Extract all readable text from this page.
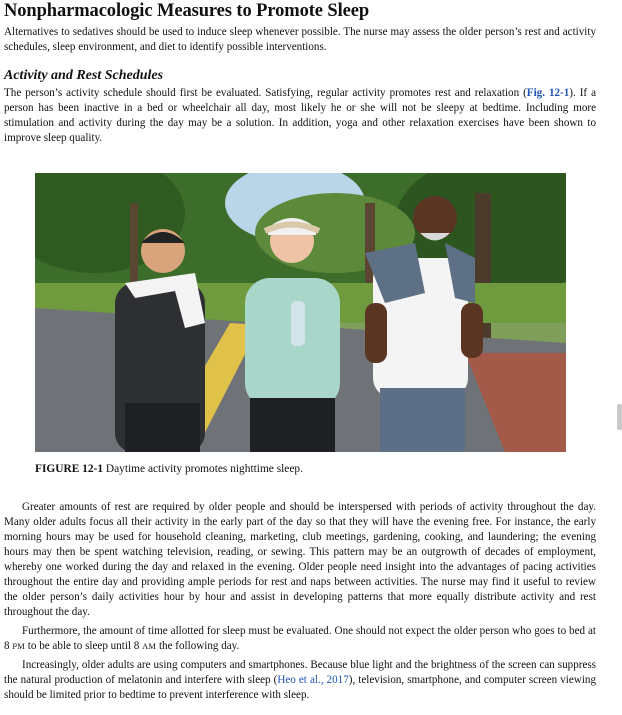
Nonpharmacologic Measures to Promote Sleep

Alternatives to sedatives should be used to induce sleep whenever possible. The nurse may assess the older person’s rest and activity schedules, sleep environment, and diet to identify possible interventions.

Activity and Rest Schedules

The person’s activity schedule should first be evaluated. Satisfying, regular activity promotes rest and relaxation (Fig. 12-1). If a person has been inactive in a bed or wheelchair all day, most likely he or she will not be sleepy at bedtime. Including more stimulation and activity during the day may be a solution. In addition, yoga and other relaxation exercises have been shown to improve sleep quality.

FIGURE 12-1 Daytime activity promotes nighttime sleep.

Greater amounts of rest are required by older people and should be interspersed with periods of activity throughout the day. Many older adults focus all their activity in the early part of the day so that they will have the evening free. For instance, the early morning hours may be used for household cleaning, marketing, club meetings, gardening, cooking, and laundering; the evening hours may then be spent watching television, reading, or sewing. This pattern may be an outgrowth of decades of employment, whereby one worked during the day and relaxed in the evening. Older people need insight into the advantages of pacing activities throughout the entire day and providing ample periods for rest and naps between activities. The nurse may find it useful to review the older person’s daily activities hour by hour and assist in developing patterns that more equally distribute activity and rest throughout the day.

Furthermore, the amount of time allotted for sleep must be evaluated. One should not expect the older person who goes to bed at 8 PM to be able to sleep until 8 AM the following day.

Increasingly, older adults are using computers and smartphones. Because blue light and the brightness of the screen can suppress the natural production of melatonin and interfere with sleep (Heo et al., 2017), television, smartphone, and computer screen viewing should be limited prior to bedtime to prevent interference with sleep.
